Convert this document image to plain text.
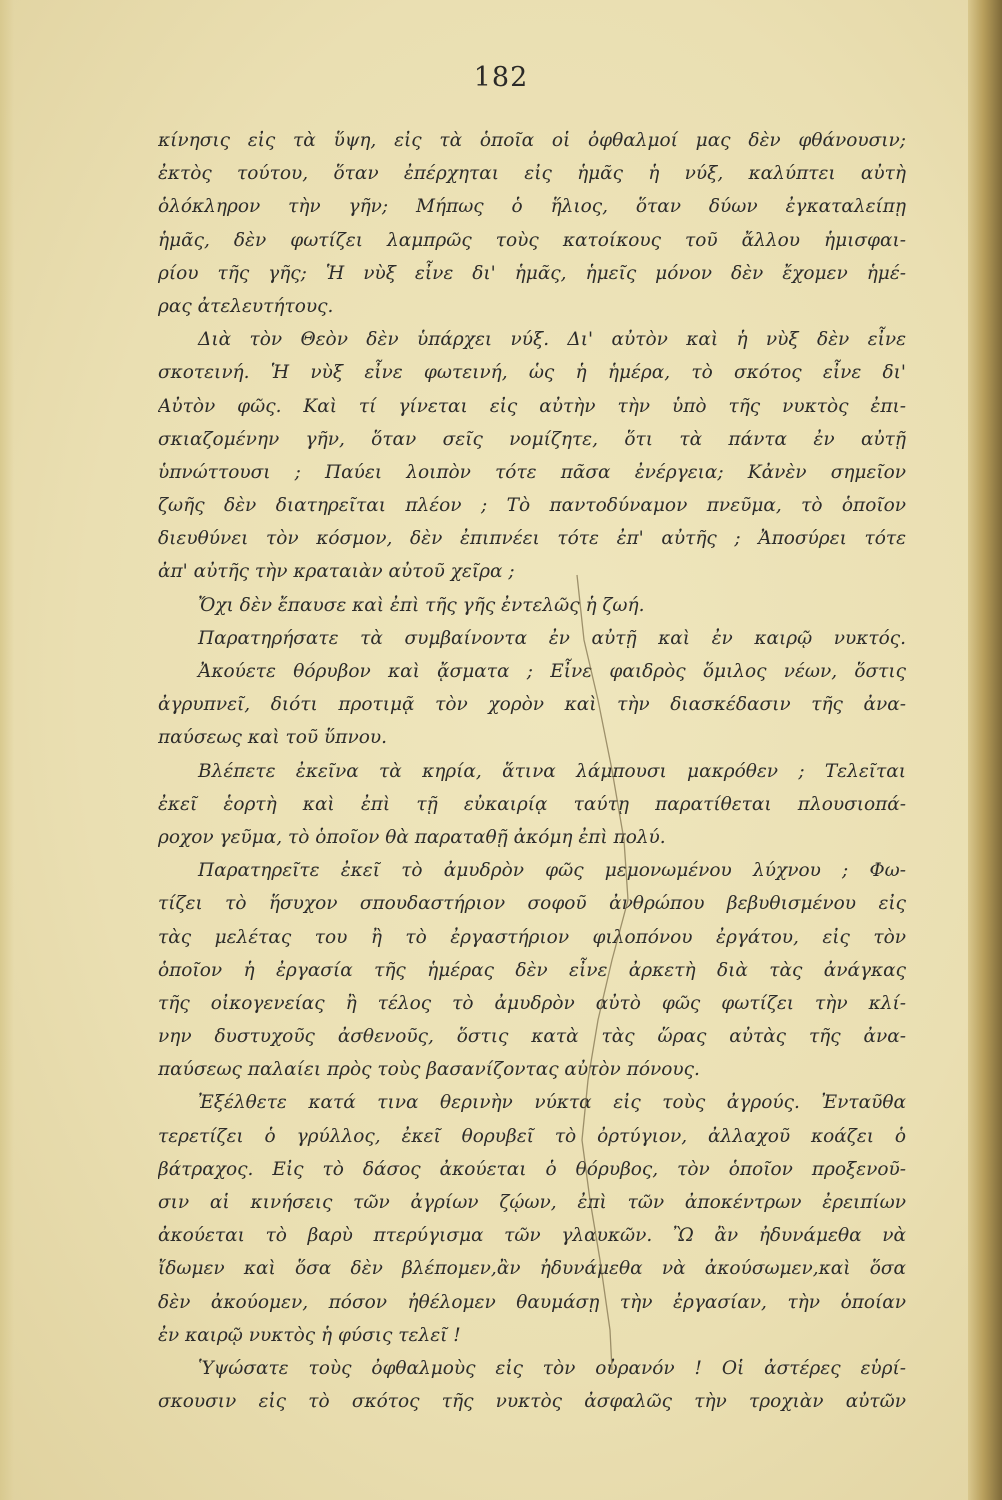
182
κίνησις εἰς τὰ ὕψη, εἰς τὰ ὁποῖα οἱ ὀφθαλμοί μας δὲν φθάνουσιν;
ἐκτὸς τούτου, ὅταν ἐπέρχηται εἰς ἡμᾶς ἡ νύξ, καλύπτει αὐτὴ
ὁλόκληρον τὴν γῆν; Μήπως ὁ ἥλιος, ὅταν δύων ἐγκαταλείπῃ
ἡμᾶς, δὲν φωτίζει λαμπρῶς τοὺς κατοίκους τοῦ ἄλλου ἡμισφαι-
ρίου τῆς γῆς; Ἡ νὺξ εἶνε δι' ἡμᾶς, ἡμεῖς μόνον δὲν ἔχομεν ἡμέ-
ρας ἀτελευτήτους.
Διὰ τὸν Θεὸν δὲν ὑπάρχει νύξ. Δι' αὐτὸν καὶ ἡ νὺξ δὲν εἶνε
σκοτεινή. Ἡ νὺξ εἶνε φωτεινή, ὡς ἡ ἡμέρα, τὸ σκότος εἶνε δι'
Αὐτὸν φῶς. Καὶ τί γίνεται εἰς αὐτὴν τὴν ὑπὸ τῆς νυκτὸς ἐπι-
σκιαζομένην γῆν, ὅταν σεῖς νομίζητε, ὅτι τὰ πάντα ἐν αὐτῇ
ὑπνώττουσι ; Παύει λοιπὸν τότε πᾶσα ἐνέργεια; Κἀνὲν σημεῖον
ζωῆς δὲν διατηρεῖται πλέον ; Τὸ παντοδύναμον πνεῦμα, τὸ ὁποῖον
διευθύνει τὸν κόσμον, δὲν ἐπιπνέει τότε ἐπ' αὐτῆς ; Ἀποσύρει τότε
ἀπ' αὐτῆς τὴν κραταιὰν αὐτοῦ χεῖρα ;
Ὄχι δὲν ἔπαυσε καὶ ἐπὶ τῆς γῆς ἐντελῶς ἡ ζωή.
Παρατηρήσατε τὰ συμβαίνοντα ἐν αὐτῇ καὶ ἐν καιρῷ νυκτός.
Ἀκούετε θόρυβον καὶ ᾄσματα ; Εἶνε φαιδρὸς ὅμιλος νέων, ὅστις
ἀγρυπνεῖ, διότι προτιμᾷ τὸν χορὸν καὶ τὴν διασκέδασιν τῆς ἀνα-
παύσεως καὶ τοῦ ὕπνου.
Βλέπετε ἐκεῖνα τὰ κηρία, ἅτινα λάμπουσι μακρόθεν ; Τελεῖται
ἐκεῖ ἑορτὴ καὶ ἐπὶ τῇ εὐκαιρίᾳ ταύτῃ παρατίθεται πλουσιοπά-
ροχον γεῦμα, τὸ ὁποῖον θὰ παραταθῇ ἀκόμη ἐπὶ πολύ.
Παρατηρεῖτε ἐκεῖ τὸ ἀμυδρὸν φῶς μεμονωμένου λύχνου ; Φω-
τίζει τὸ ἥσυχον σπουδαστήριον σοφοῦ ἀνθρώπου βεβυθισμένου εἰς
τὰς μελέτας του ἢ τὸ ἐργαστήριον φιλοπόνου ἐργάτου, εἰς τὸν
ὁποῖον ἡ ἐργασία τῆς ἡμέρας δὲν εἶνε ἀρκετὴ διὰ τὰς ἀνάγκας
τῆς οἰκογενείας ἢ τέλος τὸ ἀμυδρὸν αὐτὸ φῶς φωτίζει τὴν κλί-
νην δυστυχοῦς ἀσθενοῦς, ὅστις κατὰ τὰς ὥρας αὐτὰς τῆς ἀνα-
παύσεως παλαίει πρὸς τοὺς βασανίζοντας αὐτὸν πόνους.
Ἐξέλθετε κατά τινα θερινὴν νύκτα εἰς τοὺς ἀγρούς. Ἐνταῦθα
τερετίζει ὁ γρύλλος, ἐκεῖ θορυβεῖ τὸ ὀρτύγιον, ἀλλαχοῦ κοάζει ὁ
βάτραχος. Εἰς τὸ δάσος ἀκούεται ὁ θόρυβος, τὸν ὁποῖον προξενοῦ-
σιν αἱ κινήσεις τῶν ἀγρίων ζῴων, ἐπὶ τῶν ἀποκέντρων ἐρειπίων
ἀκούεται τὸ βαρὺ πτερύγισμα τῶν γλαυκῶν. Ὢ ἂν ἠδυνάμεθα νὰ
ἴδωμεν καὶ ὅσα δὲν βλέπομεν,ἂν ἠδυνάμεθα νὰ ἀκούσωμεν,καὶ ὅσα
δὲν ἀκούομεν, πόσον ἠθέλομεν θαυμάσῃ τὴν ἐργασίαν, τὴν ὁποίαν
ἐν καιρῷ νυκτὸς ἡ φύσις τελεῖ !
Ὑψώσατε τοὺς ὀφθαλμοὺς εἰς τὸν οὐρανόν ! Οἱ ἀστέρες εὑρί-
σκουσιν εἰς τὸ σκότος τῆς νυκτὸς ἀσφαλῶς τὴν τροχιὰν αὐτῶν
